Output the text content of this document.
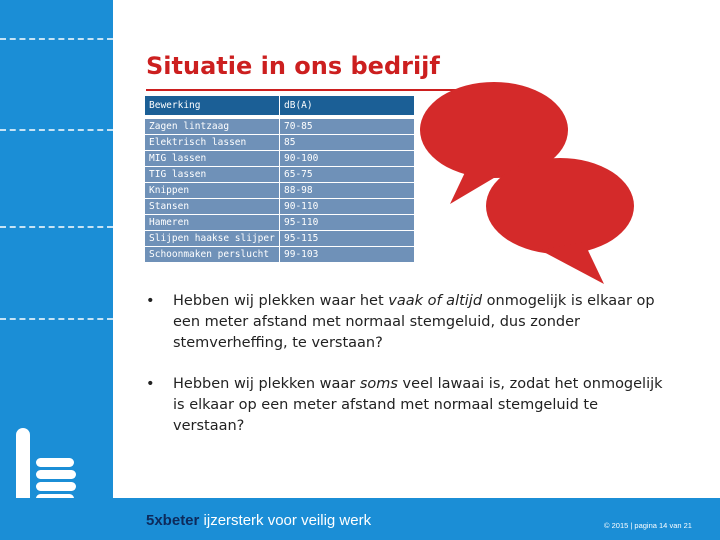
Situatie in ons bedrijf
Bewerking	dB(A)

Zagen lintzaag	70-85
Elektrisch lassen	85
MIG lassen	90-100
TIG lassen	65-75
Knippen	88-98
Stansen	90-110
Hameren	95-110
Slijpen haakse slijper	95-115
Schoonmaken perslucht	99-103
•	Hebben wij plekken waar het vaak of altijd onmogelijk is elkaar op een meter afstand met normaal stemgeluid, dus zonder stemverheffing, te verstaan?
•	Hebben wij plekken waar soms veel lawaai is, zodat het onmogelijk is elkaar op een meter afstand met normaal stemgeluid te verstaan?
5xbeter ijzersterk voor veilig werk	© 2015 | pagina 14 van 21
